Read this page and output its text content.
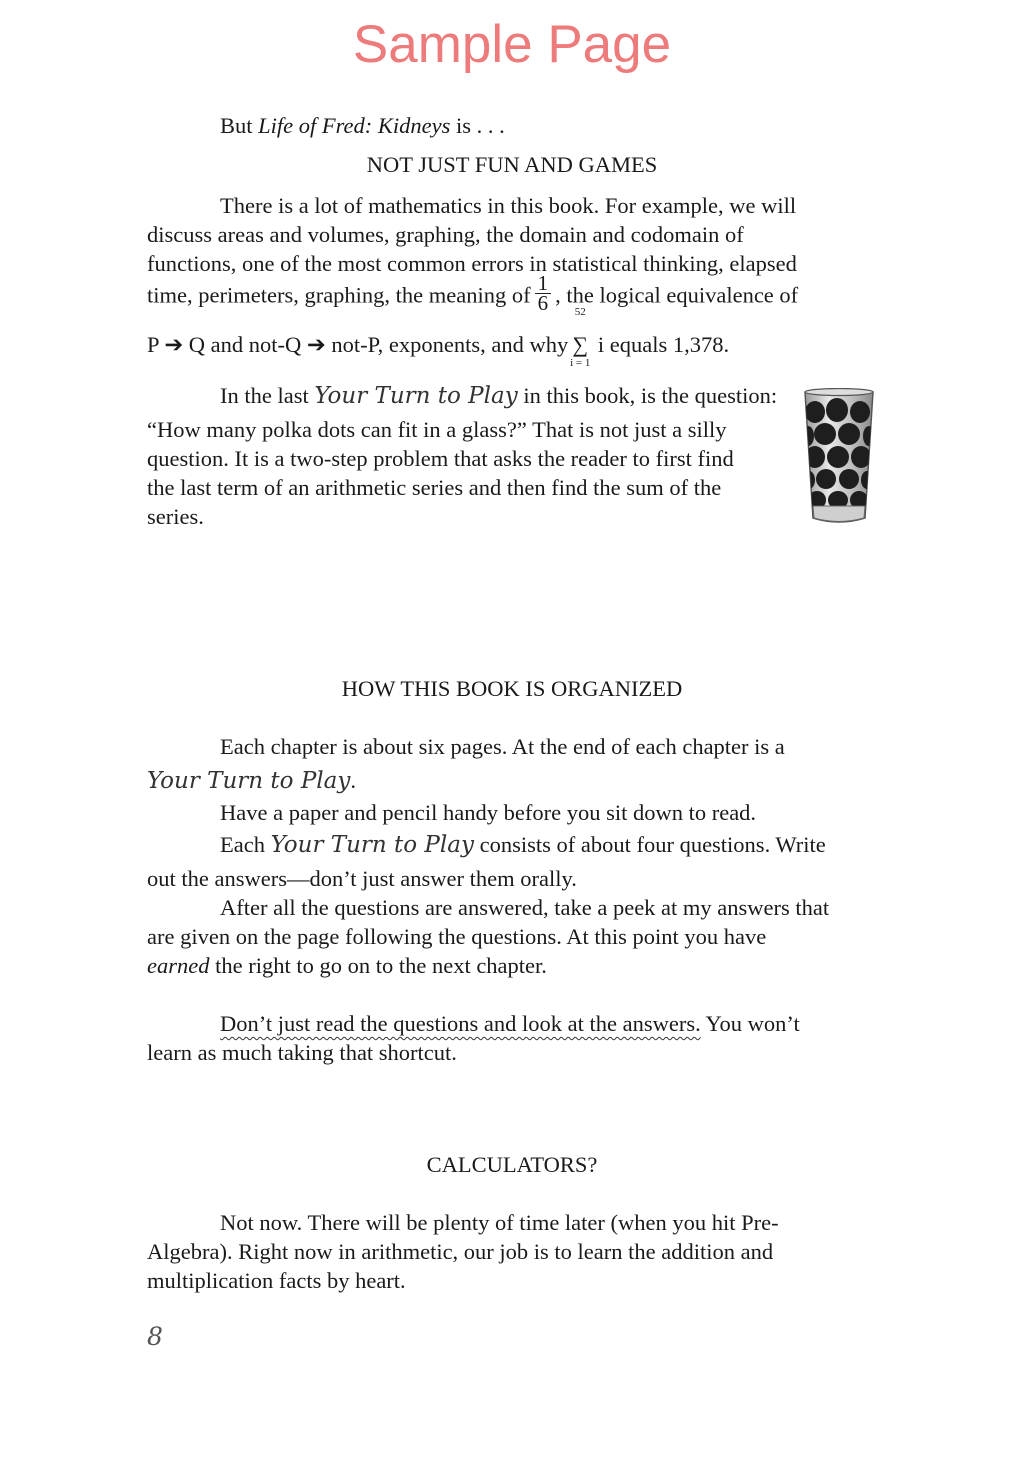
Sample Page
But Life of Fred: Kidneys is . . .
NOT JUST FUN AND GAMES
There is a lot of mathematics in this book. For example, we will
discuss areas and volumes, graphing, the domain and codomain of
functions, one of the most common errors in statistical thinking, elapsed
time, perimeters, graphing, the meaning of $\frac{1}{6}$ , the logical equivalence of
P ➔ Q and not-Q ➔ not-P, exponents, and why
52
∑
i = 1
i equals 1,378.
In the last Your Turn to Play in this book, is the question:
“How many polka dots can fit in a glass?” That is not just a silly
question. It is a two-step problem that asks the reader to first find
the last term of an arithmetic series and then find the sum of the
series.
HOW THIS BOOK IS ORGANIZED
Each chapter is about six pages. At the end of each chapter is a
Your Turn to Play.
Have a paper and pencil handy before you sit down to read.
Each Your Turn to Play consists of about four questions. Write
out the answers—don’t just answer them orally.
After all the questions are answered, take a peek at my answers that
are given on the page following the questions. At this point you have
earned the right to go on to the next chapter.
Don’t just read the questions and look at the answers. You won’t
learn as much taking that shortcut.
CALCULATORS?
Not now. There will be plenty of time later (when you hit Pre-
Algebra). Right now in arithmetic, our job is to learn the addition and
multiplication facts by heart.
8
